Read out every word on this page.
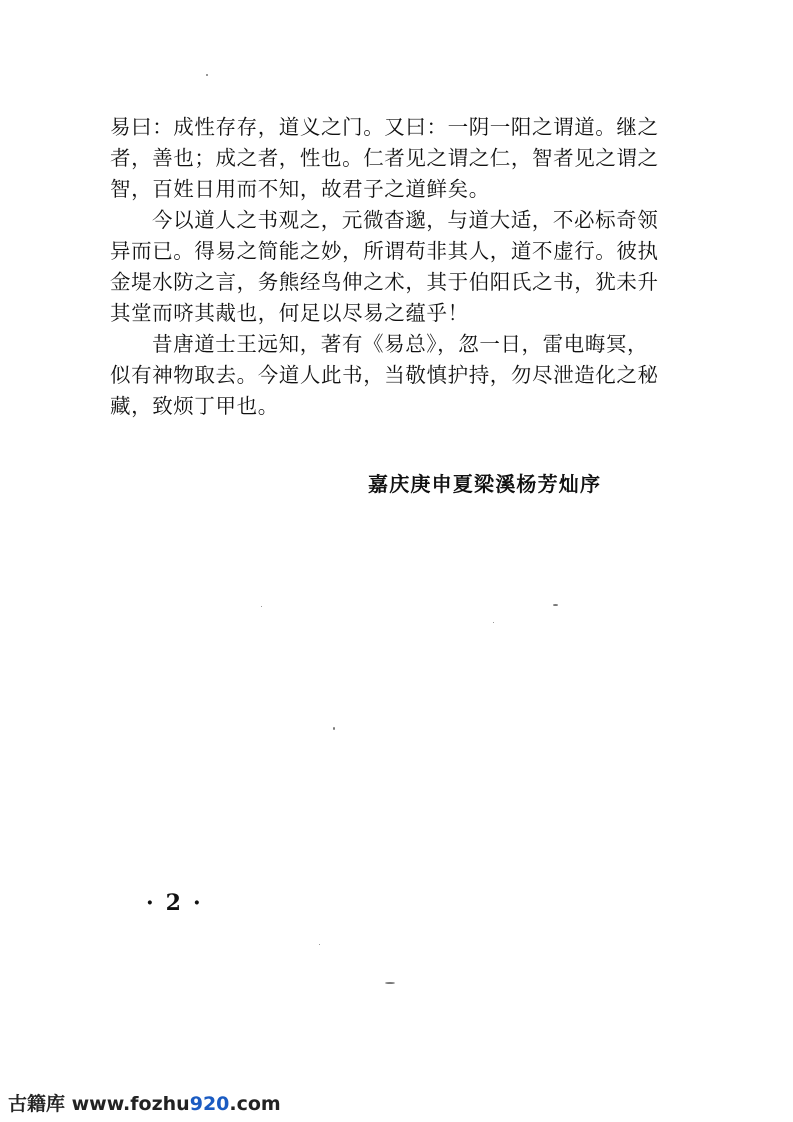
易曰：成性存存，道义之门。又曰：一阴一阳之谓道。继之
者，善也；成之者，性也。仁者见之谓之仁，智者见之谓之
智，百姓日用而不知，故君子之道鲜矣。
今以道人之书观之，元微杳邈，与道大适，不必标奇领
异而已。得易之简能之妙，所谓苟非其人，道不虚行。彼执
金堤水防之言，务熊经鸟伸之术，其于伯阳氏之书，犹未升
其堂而哜其胾也，何足以尽易之蕴乎！
昔唐道士王远知，著有《易总》，忽一日，雷电晦冥，
似有神物取去。今道人此书，当敬慎护持，勿尽泄造化之秘
藏，致烦丁甲也。
嘉庆庚申夏梁溪杨芳灿序
·2·
古籍库 www.fozhu920.com
